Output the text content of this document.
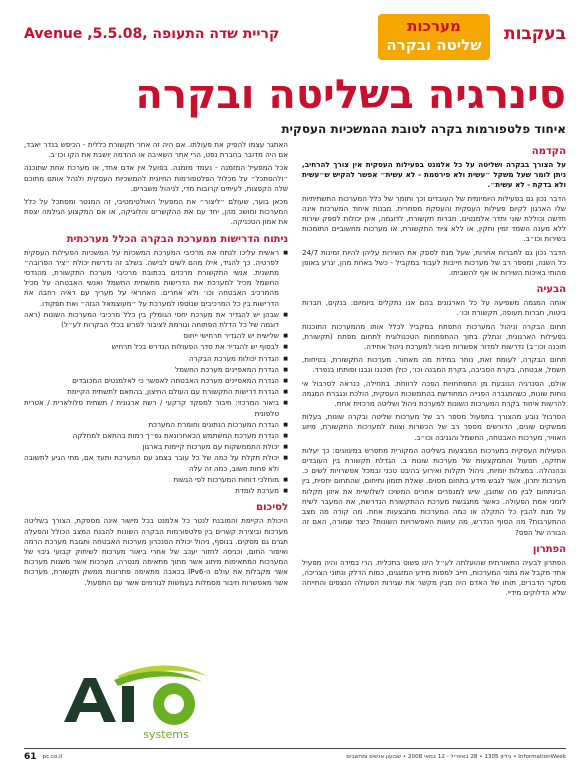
בעקבות
מערכות
שליטה ובקרה
קריית שדה התעופה ,Avenue ,5.5.08
סינרגיה בשליטה ובקרה
איחוד פלטפורמות בקרה לטובת ההמשכיות העסקית
הקדמה

על הצורך בבקרה ושליטה על כל אלמנט בפעילות העסקית אין צורך להרחיב, ניתן לומר שעל משקל ״עשית ולא פירסמת - לא עשית״ אפשר להקיש ש״עשית ולא בדקת - לא עשית״.

הדבר נכון גם בפעילות היומיומית של העובדים וכך ותומר של כלל המערכות התשתיתיות שלו הארגון לקיום פעילות העסקית והעסקת מסחרית. מבנות איחוד המערכות אינה חדשה וכוללת שוני ותדר אלמנטים. חברות תקשורת, לדוגמה, אינן יכולות לספק שירות ללא מענה השמד זמין ותקין, או ללא ציוד התקשורת, או מערכות מחשוביים התומכות בשירות וכו״ב.

הדבר נכון גם לחברות אחרות, שעל מנת לספק את השירות עליהן להיות זמינות 24/7 כל השנה, ומספר רב של מערכות חייבות לעבוד במקביל - כשל באחת מהן, יגרע באופן מהותי באיכות השירות או אף להשביתו.

הבעיה

אותה המגמה משפיעה על כל הארגונים בהם אנו נתקלים ביומיום: בנקים, חברות ביטוח, חברות תעופה, תקשורת וכו׳.

תחום הבקרה וניהול המערכות התפתח במקביל לכלל אותו מהמערכות התוכנות בפעילות הארגונית, ונתלק בתוך ההתפתחות הטכנולוגית לתחום מפתח (תקשורת, תוכנה וכו״ב) נדרשות למדור אפשרות חיבור למערכת ניהול אחידה.

תחום הבקרה, לעומת זאת, נותר במידת מה מאחור. מערכות התקשורת, בטיחות, חשמל, אבטחה, בקרת הסביבה, בקרת המבנה וכו׳, כולן תוכננו ונבנו ופותחו בנפרד.

אולם, הסנרגיה הנובעת מן התפתחויות הפכה לרווחת. בתחילה, כנראה לסרבול אי נוחות שונות, כשהתגברה הפנייה המחודשת בהתמשכות העסקית, הולכת ונגברת המגמה להרשות איחוד בקרת המערכות השונות למערכת ניהול ושליטה מרכזית אחת.

הסרבול נובע מהצורך בתפעול מספר רב של מערכות שליטה ובקרה שונות, בעלות ממשקים שונים, הדורשים מספר רב של הכשרות וצוות למערכות התקשורת, מיזוג האוויר, מערכות האבטחה, החשמל והגניבה וכו״ב.

הפעילות העסקית במערכות המבצעות בשליטה המקורית מתפרש במיגוונים: כך יעלות אחזקה, תפעול והתמקצעות של מערכות שונות ב. הגדלת תקשורת בין העובדים ובהנהלה. במצלות יומיות, ניהול תקלות ואירוע בהיבט טכני ובמכל אפשרויות לשים כ. מערכות יתרון, אשר לגבש מידע בתחום מסוים. שאלת תזמון ותיחום, שהתחום יחסית, בין הבינתחום לבין מה שתובן, שיש למנפרים אחרים המשיכו לשלושיית את איזון תקלות לזמני אמת הפעולה. כאשר מתגבשת מערכת ההתקשורת הנדרשת, את המעבר לשיח על מנת להבין כל התקלה או כמה המערכות מתבצעות אחת. מה קורה מה מצב ההתערבות? מה הסוף הנדרש, מה עושות האפשרויות השונות? כיצד שמורה, האם זה הבורה של הפס?

הפתרון

הפתרון לבעיה התאורתית שהועלתה לע״ל הינו פשוט בתכלית. הרי במידה והיה מפעיל אחד מקבל את נתוני המערכות, חייב למפות מידע המזגגים, כמות הדלק ונתוני הצריכה, מסקר הדברים, תוחו של האדם היה מבין מקשר את שגירות הפעולה הנצפים והתייחה שלא הדלוקים מידיי.

האתגר עצמו להפיק את פעולתו. אם היה זה אחר תקשורת כללית - הכיפש בנדר יאבד, אם היה מדובר בחברת נפט, הרי אתר השאיבה או ההדמה יושבת את הקו וכו׳ב.

אכל המפעיל המזמנה - נעמד מזמנה. בפועל אין אדם אחד, או מערכת אחת שתוכנה ״ולהסתכל״ על מכלול הפלטפורמות החיונית להמשכיות העסקית ולנהל אותם מתוכם שלה הקפצות, לעיתים קרובות מדי, לניהול משברים.

מכאן בוער, שעולם ״ליצור״ את המפעיל האולטימטיבי, זה המנטר ומסתכל על כלל המערכות ומושכ מהן, יחד עם את ההקשרים והלוגיקה, או אם המקצוע הגילמה יצפת את אמון הטכניקה.

ניתוח הדרישות ממערכת הבקרה הכלל מערכתית
■ ראשית עליכו לנתח את מרכיבי המערכת המשכיות על המשכיות הפעילות העסקית לפרטיה. כך להגיד, אילו מהם לשים לבישה. בשלב זה נדרשת יכולת ״ציר הפרובה״ מתשנית. אנשי התקשורת מרכזים בכתובת מרכיבי מערכת התקשורת, מהנדסי החשמל מכיל למערכת את הדרישות מתשתית החשמל ואנשי האבטחה על מכיל מהמרכיב האבטחה וכו׳ ולא אחרים. האחראי על מעריך עם ראיה רחבה את הדרישות בין כל המרכיבים שנוספו למערכת על ״מעוצמאל הגזה״ ואת תפקודו.
■ שבהן יש להגדיר את מערכת יחסי הגומלין בין כלל מרכיבי המערכות השונות (ראה דוגמה של כל הדלת הפתוחה וגורמת לציבור לפרש בכלי הבקרות לע״ל)
■ שלישית יש להגדיר תרחישי ייחוס
■ לבסוף יש להגדיר את סדר הפעולות הנדרש בכל תרחיש
■ הגדרת יכולות מערכת הבקרה
■ הגדרת המאפיינים מערכת החשמל
■ הגדרת המאפיינים מערכת האבטחה לאפשר כי לאלמנטים המכובדים
■ הגדרת דרישות התקשורת עם העולם החיצון, בהתאם לתשתית הקיימת
■ ביאור המרכזי: חיבור למפקד קרקעי / רשת ארגונית / תשתית סלולארית / אטרית טלפונית
■ הגדרת המערכות הנתונים וחומרת המערכת
■ הגדרת מערכת המשתמש הכאחרונאת גפ״ך רמות בהתאם למחלקה
■ יכולת התממשקות עם מערכות קיימות בארגון
■ יכולת תקלת על כמה של כל עובר בצמג עם המערכת ותעד אם, מתי הגיע לתשובה ולא פחות חשוב, כמה זה עלה
■ מוחלכי דוחות המערכות לפי הגשות
■ מערכת לומדת
לסיכום

היכולת הקיימת והמובנת לנטר כל אלמנט בכל מישור אינה מספקת, הצורך בשליטה מערכות וביצירת קשרים בין פלטפורמות הבקרה השונות להבנת המצב הכולל והפעלה תגרם גם מסקים. בנוסף, ניהול יכולת הסנכרון מערכות האבטחה ותגובת מערכת הרמה ואיפור החום, וכניסה לחזור יעכב של אחרי ביאור מערכות לשיחוק קבועי גיבוי של המערכות המתאימות מיתוג אשר מתוך מתאימה מנטרה. מערכות אשר משנות מערכות אשר מקבלות את עולם ה-IPv6 בכאבה מתאימה פתרונות ממשק תקשורת, מערכות אשר מאפשרות חיבור מסמלות בעמשות לגורמים אשר עם התפעול.

systems
InformationWeek • גיליון 1305 • 28 באפריל - 12 במאי 2008 • שבועון אנשים ומחשבים
61 pc.co.il
